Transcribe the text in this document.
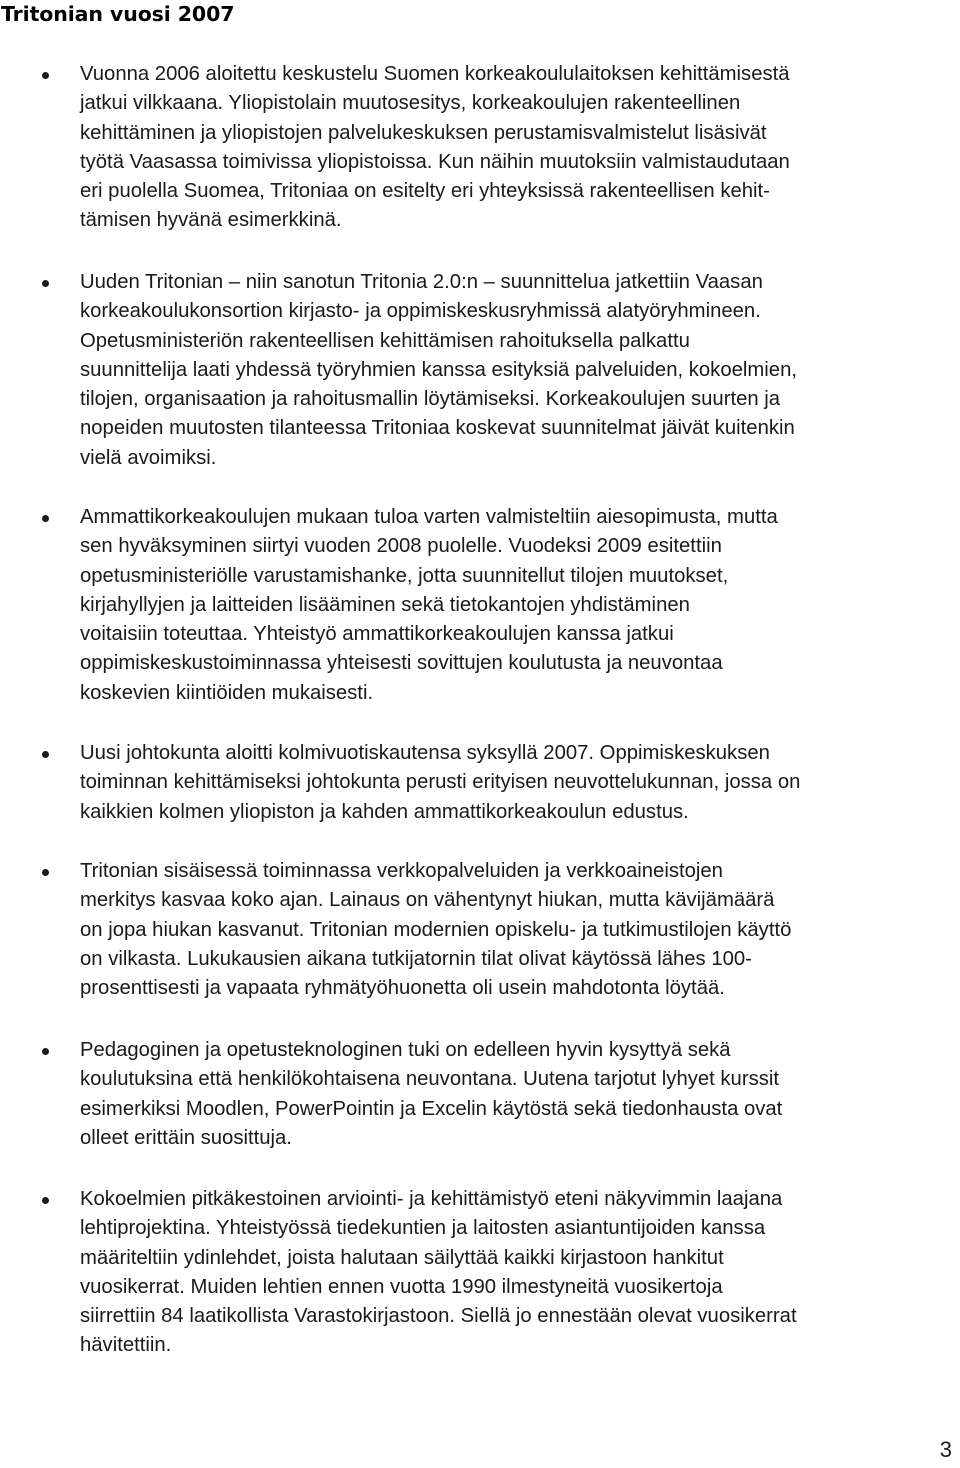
Tritonian vuosi 2007

Vuonna 2006 aloitettu keskustelu Suomen korkeakoululaitoksen kehittämisestä
jatkui vilkkaana. Yliopistolain muutosesitys, korkeakoulujen rakenteellinen
kehittäminen ja yliopistojen palvelukeskuksen perustamisvalmistelut lisäsivät
työtä Vaasassa toimivissa yliopistoissa. Kun näihin muutoksiin valmistaudutaan
eri puolella Suomea, Tritoniaa on esitelty eri yhteyksissä rakenteellisen kehit-
tämisen hyvänä esimerkkinä.

Uuden Tritonian – niin sanotun Tritonia 2.0:n – suunnittelua jatkettiin Vaasan
korkeakoulukonsortion kirjasto- ja oppimiskeskusryhmissä alatyöryhmineen.
Opetusministeriön rakenteellisen kehittämisen rahoituksella palkattu
suunnittelija laati yhdessä työryhmien kanssa esityksiä palveluiden, kokoelmien,
tilojen, organisaation ja rahoitusmallin löytämiseksi. Korkeakoulujen suurten ja
nopeiden muutosten tilanteessa Tritoniaa koskevat suunnitelmat jäivät kuitenkin
vielä avoimiksi.

Ammattikorkeakoulujen mukaan tuloa varten valmisteltiin aiesopimusta, mutta
sen hyväksyminen siirtyi vuoden 2008 puolelle. Vuodeksi 2009 esitettiin
opetusministeriölle varustamishanke, jotta suunnitellut tilojen muutokset,
kirjahyllyjen ja laitteiden lisääminen sekä tietokantojen yhdistäminen
voitaisiin toteuttaa. Yhteistyö ammattikorkeakoulujen kanssa jatkui
oppimiskeskustoiminnassa yhteisesti sovittujen koulutusta ja neuvontaa
koskevien kiintiöiden mukaisesti.

Uusi johtokunta aloitti kolmivuotiskautensa syksyllä 2007. Oppimiskeskuksen
toiminnan kehittämiseksi johtokunta perusti erityisen neuvottelukunnan, jossa on
kaikkien kolmen yliopiston ja kahden ammattikorkeakoulun edustus.

Tritonian sisäisessä toiminnassa verkkopalveluiden ja verkkoaineistojen
merkitys kasvaa koko ajan. Lainaus on vähentynyt hiukan, mutta kävijämäärä
on jopa hiukan kasvanut. Tritonian modernien opiskelu- ja tutkimustilojen käyttö
on vilkasta. Lukukausien aikana tutkijatornin tilat olivat käytössä lähes 100-
prosenttisesti ja vapaata ryhmätyöhuonetta oli usein mahdotonta löytää.

Pedagoginen ja opetusteknologinen tuki on edelleen hyvin kysyttyä sekä
koulutuksina että henkilökohtaisena neuvontana. Uutena tarjotut lyhyet kurssit
esimerkiksi Moodlen, PowerPointin ja Excelin käytöstä sekä tiedonhausta ovat
olleet erittäin suosittuja.

Kokoelmien pitkäkestoinen arviointi- ja kehittämistyö eteni näkyvimmin laajana
lehtiprojektina. Yhteistyössä tiedekuntien ja laitosten asiantuntijoiden kanssa
määriteltiin ydinlehdet, joista halutaan säilyttää kaikki kirjastoon hankitut
vuosikerrat. Muiden lehtien ennen vuotta 1990 ilmestyneitä vuosikertoja
siirrettiin 84 laatikollista Varastokirjastoon. Siellä jo ennestään olevat vuosikerrat
hävitettiin.

3
